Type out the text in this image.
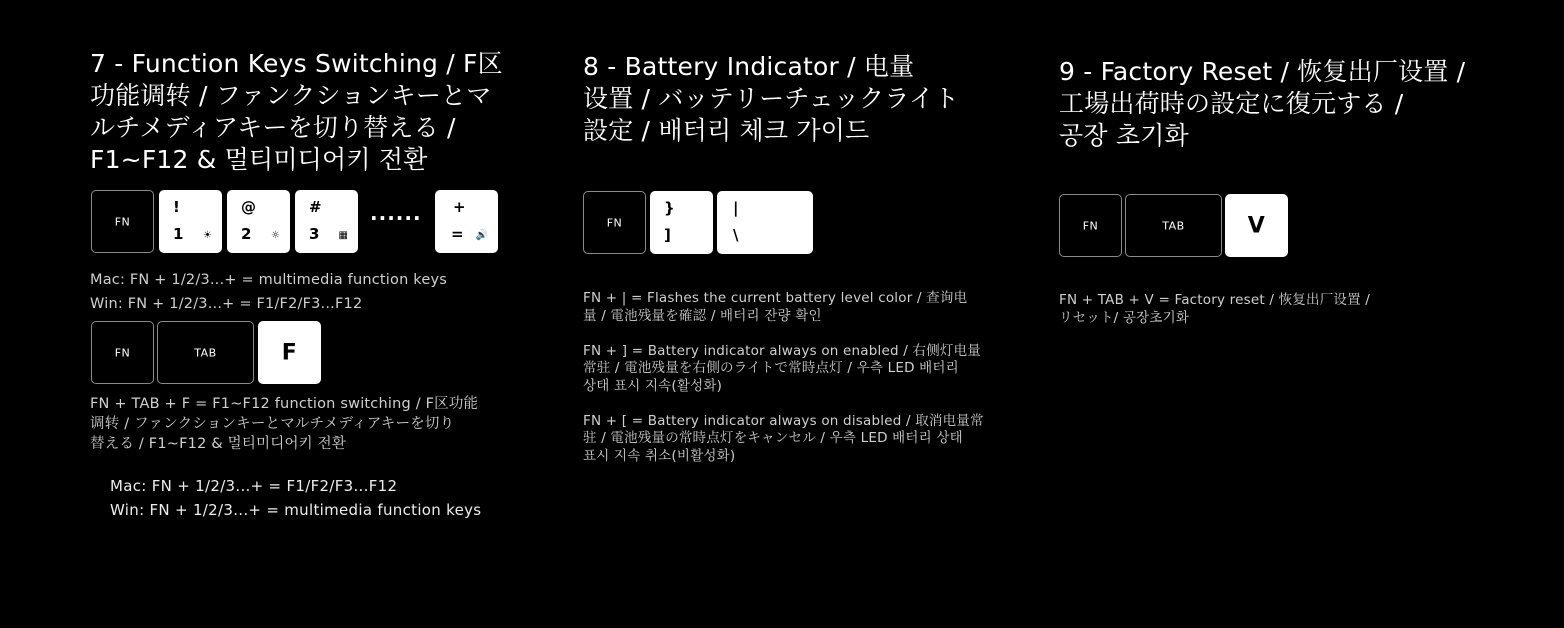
7 - Function Keys Switching / F区
功能调转 / ファンクションキーとマ
ルチメディアキーを切り替える /
F1~F12 & 멀티미디어키 전환
FN
!
1 ☀
@
2 ☼
#
3 ▦
······ +
= 🔊
Mac: FN + 1/2/3...+ = multimedia function keys
Win: FN + 1/2/3...+ = F1/F2/F3...F12
FN	TAB	F
FN + TAB + F = F1~F12 function switching / F区功能
调转 / ファンクションキーとマルチメディアキーを切り
替える / F1~F12 & 멀티미디어키 전환
Mac: FN + 1/2/3...+ = F1/F2/F3...F12
Win: FN + 1/2/3...+ = multimedia function keys
8 - Battery Indicator / 电量
设置 / バッテリーチェックライト
設定 / 배터리 체크 가이드
FN
}
]
|
\
FN + | = Flashes the current battery level color / 查询电
量 / 電池残量を確認 / 배터리 잔량 확인

FN + ] = Battery indicator always on enabled / 右侧灯电量
常驻 / 電池残量を右側のライトで常時点灯 / 우측 LED 배터리
상태 표시 지속(활성화)

FN + [ = Battery indicator always on disabled / 取消电量常
驻 / 電池残量の常時点灯をキャンセル / 우측 LED 배터리 상태
표시 지속 취소(비활성화)
9 - Factory Reset / 恢复出厂设置 /
工場出荷時の設定に復元する /
공장 초기화
FN	TAB	V
FN + TAB + V = Factory reset / 恢复出厂设置 /
リセット/ 공장초기화
